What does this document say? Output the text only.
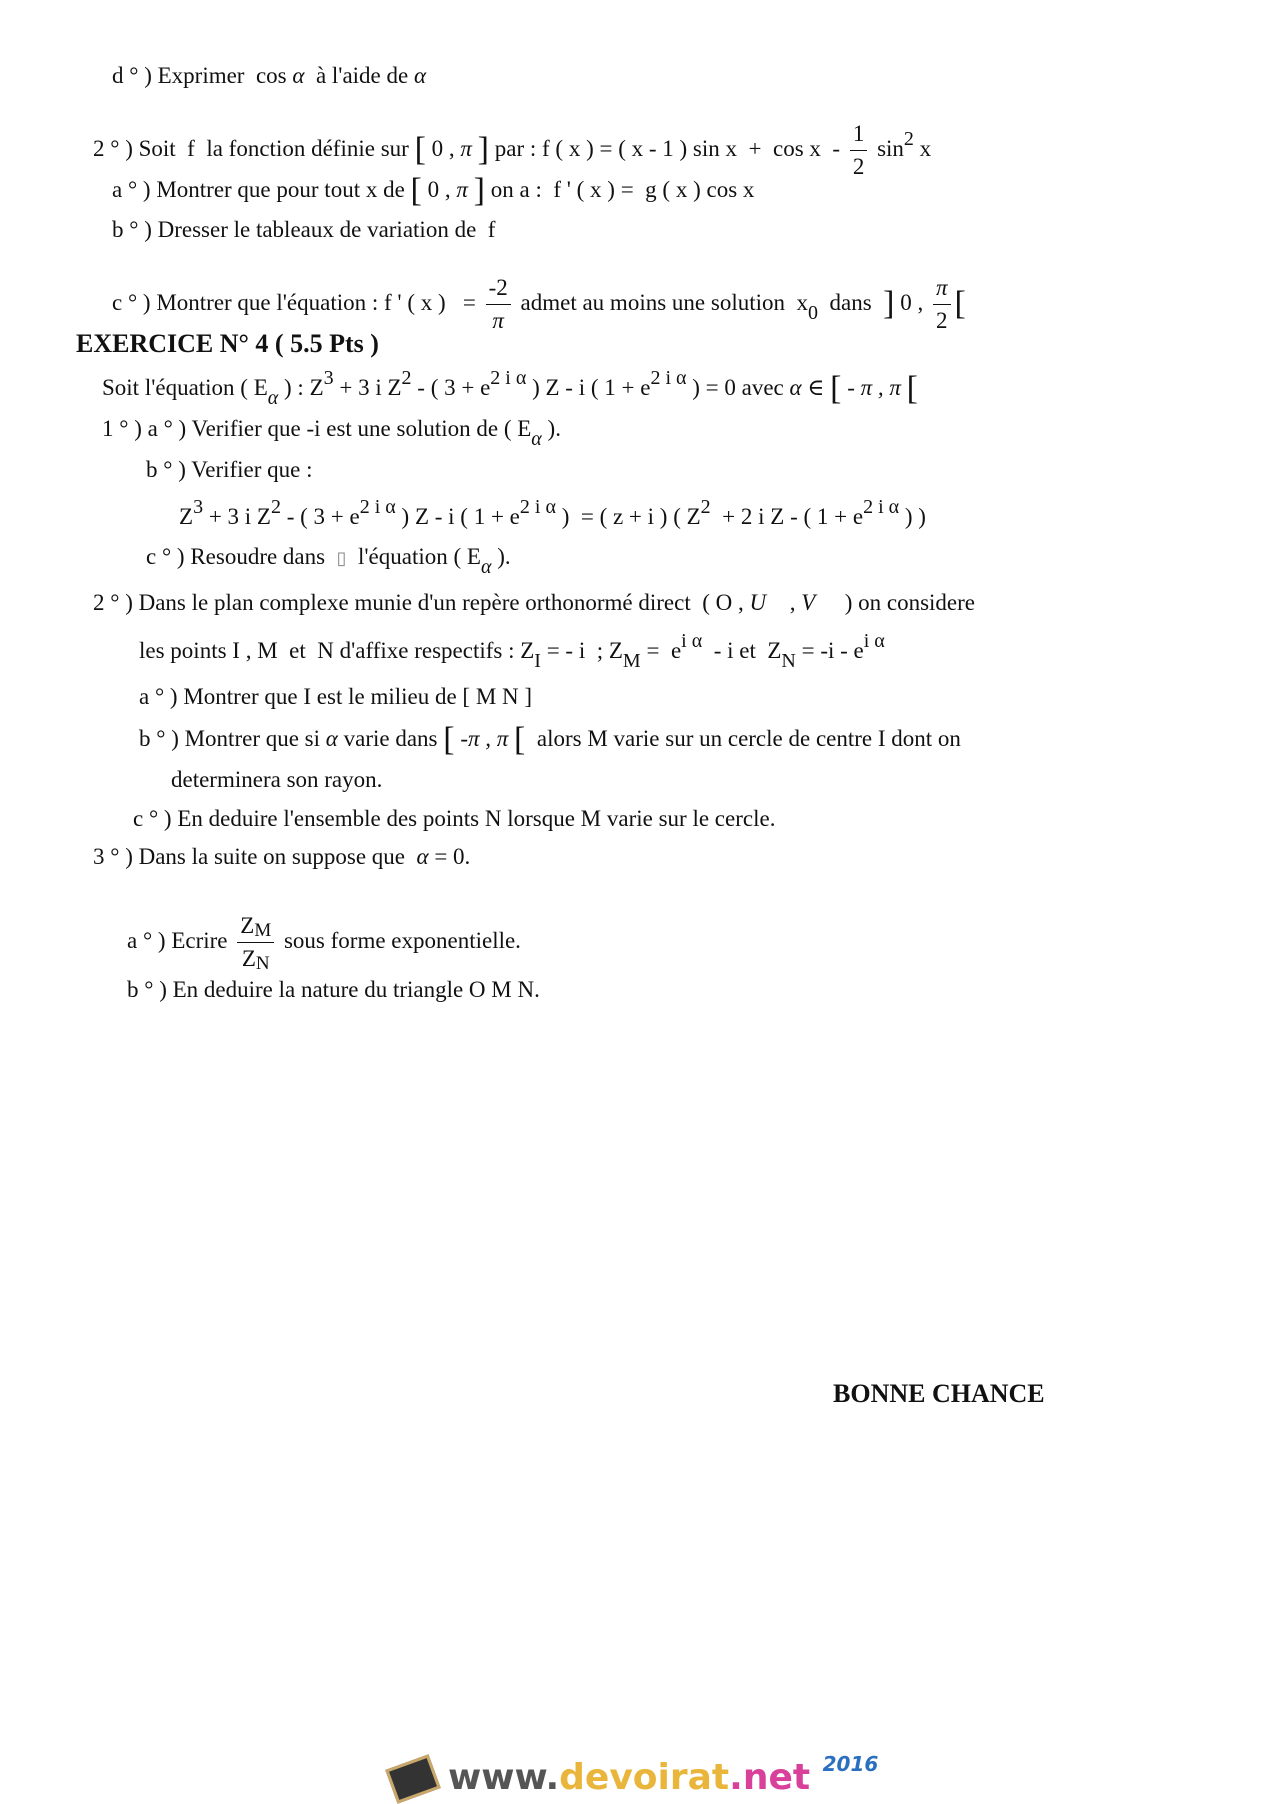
d ° ) Exprimer  cos α  à l'aide de α
2 ° ) Soit  f  la fonction définie sur [ 0 , π ] par : f ( x ) = ( x - 1 ) $\sin x + \cos x - \frac{1}{2} \sin^2 x$
a ° ) Montrer que pour tout x de [ 0 , π ] on a :  f ' ( x ) =  g ( x ) cos x
b ° ) Dresser le tableaux de variation de  f
c ° ) Montrer que l'équation : f ' ( x )   = $\frac{-2}{\pi}$ admet au moins une solution  $x_0$  dans  ] 0 , $\frac{\pi}{2}$ [
EXERCICE N° 4 ( 5.5 Pts )
Soit l'équation ( $E_\alpha$ ) : $Z^3 + 3$ i $Z^2$ - ( $3 + e^{2 i \alpha}$ ) Z - i ( $1 + e^{2 i \alpha}$ ) = 0 avec α ∈ [ - π , π [
1 ° ) a ° ) Verifier que -i est une solution de ( $E_\alpha$ ).
b ° ) Verifier que :
$Z^3 + 3$ i $Z^2$ - ( $3 + e^{2 i \alpha}$ ) Z - i ( $1 + e^{2 i \alpha}$ )  = ( z + i ) ( $Z^2 + 2$ i Z - ( $1 + e^{2 i \alpha}$ ) )
c ° ) Resoudre dans  ▯  l'équation ( $E_\alpha$ ).
2 ° ) Dans le plan complexe munie d'un repère orthonormé direct  ( O , U⃗ , V⃗  ) on considere
les points I , M  et  N d'affixe respectifs : $Z_I$ = - i  ; $Z_M = e^{i \alpha} - i$ et  $Z_N = -i - e^{i \alpha}$
a ° ) Montrer que I est le milieu de [ M N ]
b ° ) Montrer que si α varie dans [ -π , π [  alors M varie sur un cercle de centre I dont on
determinera son rayon.
c ° ) En deduire l'ensemble des points N lorsque M varie sur le cercle.
3 ° ) Dans la suite on suppose que  α = 0.
a ° ) Ecrire $\frac{Z_M}{Z_N}$ sous forme exponentielle.
b ° ) En deduire la nature du triangle O M N.
BONNE CHANCE
www.devoirat.net $^{2016}$
